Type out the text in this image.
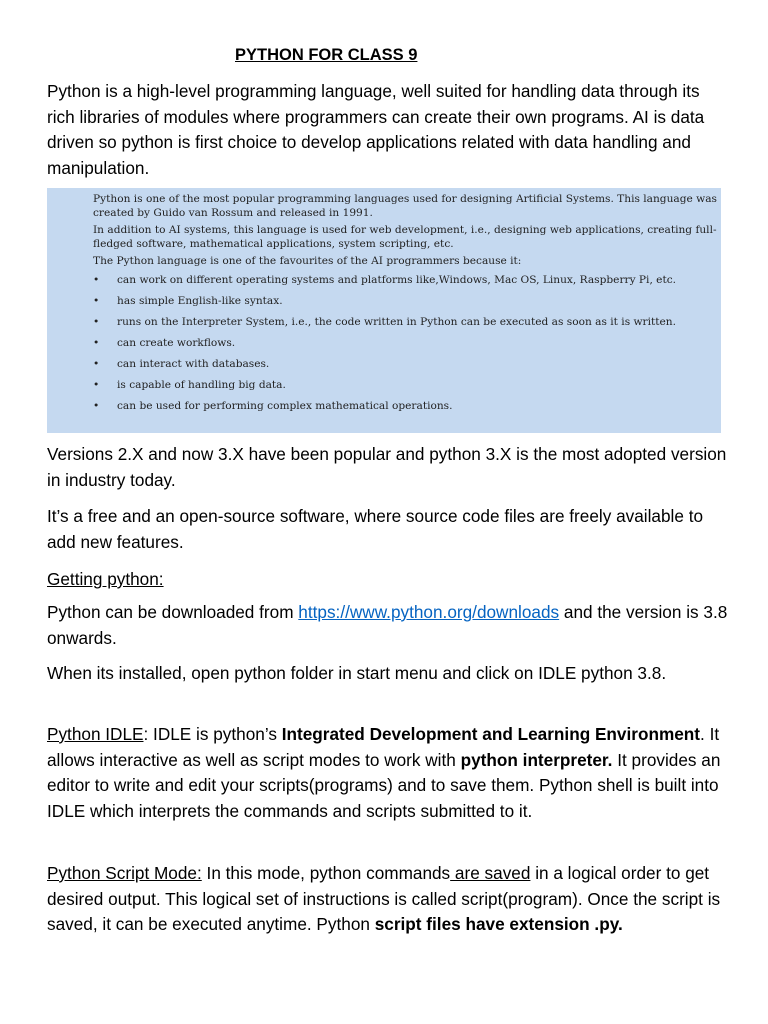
PYTHON FOR CLASS 9

Python is a high-level programming language, well suited for handling data through its rich libraries of modules where programmers can create their own programs. AI is data driven so python is first choice to develop applications related with data handling and manipulation.

Python is one of the most popular programming languages used for designing Artificial Systems. This language was created by Guido van Rossum and released in 1991.

In addition to AI systems, this language is used for web development, i.e., designing web applications, creating full-fledged software, mathematical applications, system scripting, etc.

The Python language is one of the favourites of the AI programmers because it:

• can work on different operating systems and platforms like,Windows, Mac OS, Linux, Raspberry Pi, etc.
• has simple English-like syntax.
• runs on the Interpreter System, i.e., the code written in Python can be executed as soon as it is written.
• can create workflows.
• can interact with databases.
• is capable of handling big data.
• can be used for performing complex mathematical operations.

Versions 2.X and now 3.X have been popular and python 3.X is the most adopted version in industry today.

It’s a free and an open-source software, where source code files are freely available to add new features.

Getting python:

Python can be downloaded from https://www.python.org/downloads and the version is 3.8 onwards.

When its installed, open python folder in start menu and click on IDLE python 3.8.

Python IDLE: IDLE is python’s Integrated Development and Learning Environment. It allows interactive as well as script modes to work with python interpreter. It provides an editor to write and edit your scripts(programs) and to save them. Python shell is built into IDLE which interprets the commands and scripts submitted to it.

Python Script Mode: In this mode, python commands are saved in a logical order to get desired output. This logical set of instructions is called script(program). Once the script is saved, it can be executed anytime. Python script files have extension .py.
